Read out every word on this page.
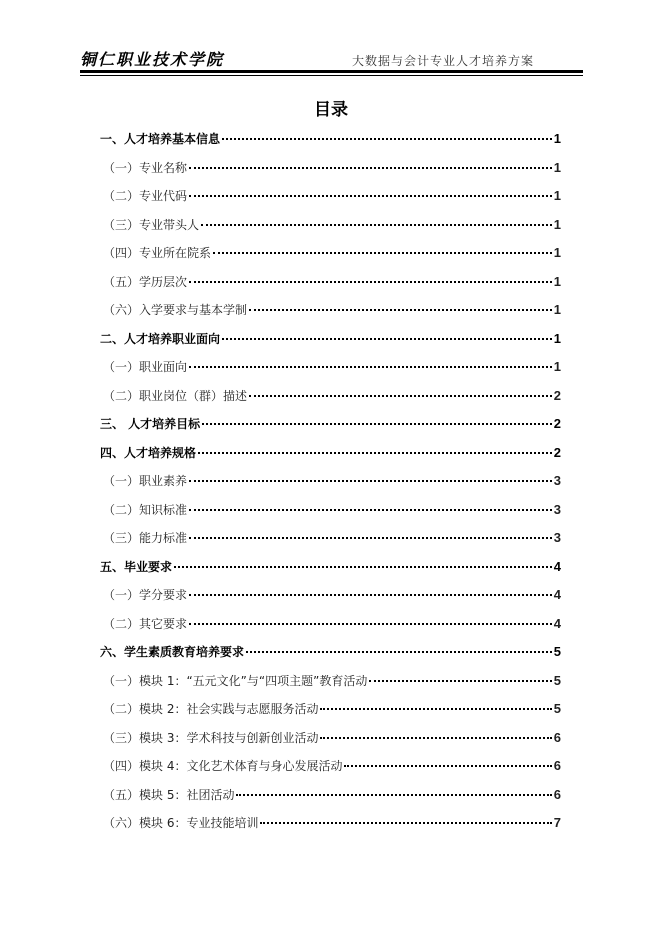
铜仁职业技术学院	大数据与会计专业人才培养方案
目录
一、人才培养基本信息	1
（一）专业名称	1
（二）专业代码	1
（三）专业带头人	1
（四）专业所在院系	1
（五）学历层次	1
（六）入学要求与基本学制	1
二、人才培养职业面向	1
（一）职业面向	1
（二）职业岗位（群）描述	2
三、 人才培养目标	2
四、人才培养规格	2
（一）职业素养	3
（二）知识标准	3
（三）能力标准	3
五、毕业要求	4
（一）学分要求	4
（二）其它要求	4
六、学生素质教育培养要求	5
（一）模块 1：“五元文化”与“四项主题”教育活动	5
（二）模块 2：社会实践与志愿服务活动	5
（三）模块 3：学术科技与创新创业活动	6
（四）模块 4：文化艺术体育与身心发展活动	6
（五）模块 5：社团活动	6
（六）模块 6：专业技能培训	7
